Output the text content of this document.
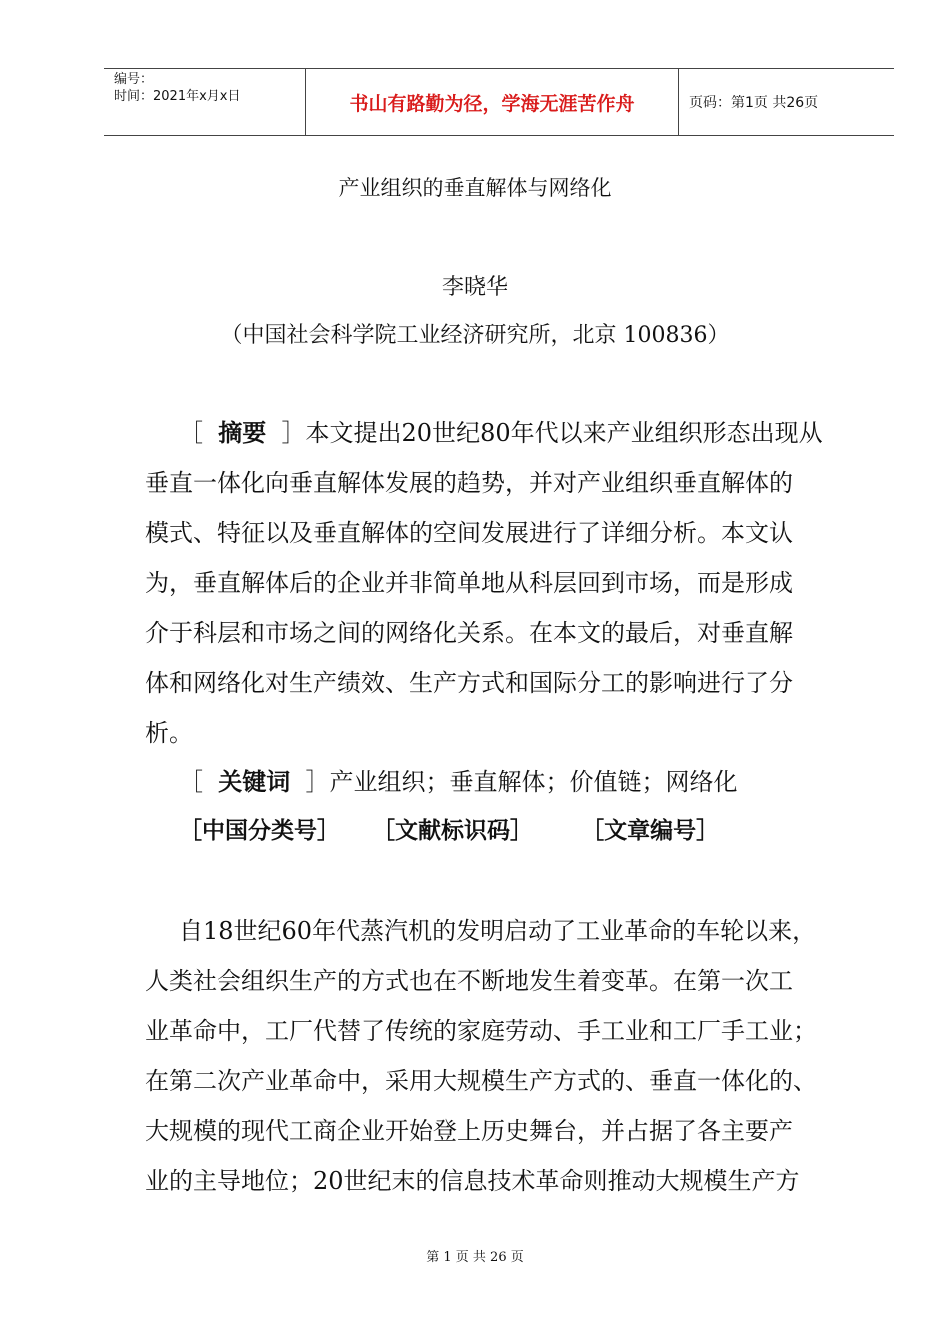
编号：
时间：2021年x月x日	书山有路勤为径，学海无涯苦作舟	页码：第1页 共26页
产业组织的垂直解体与网络化
李晓华
（中国社会科学院工业经济研究所，北京 100836）
［  摘要  ］本文提出20世纪80年代以来产业组织形态出现从
垂直一体化向垂直解体发展的趋势，并对产业组织垂直解体的
模式、特征以及垂直解体的空间发展进行了详细分析。本文认
为，垂直解体后的企业并非简单地从科层回到市场，而是形成
介于科层和市场之间的网络化关系。在本文的最后，对垂直解
体和网络化对生产绩效、生产方式和国际分工的影响进行了分
析。
［  关键词  ］产业组织；垂直解体；价值链；网络化
［中国分类号］    ［文献标识码］      ［文章编号］
自18世纪60年代蒸汽机的发明启动了工业革命的车轮以来，
人类社会组织生产的方式也在不断地发生着变革。在第一次工
业革命中，工厂代替了传统的家庭劳动、手工业和工厂手工业；
在第二次产业革命中，采用大规模生产方式的、垂直一体化的、
大规模的现代工商企业开始登上历史舞台，并占据了各主要产
业的主导地位；20世纪末的信息技术革命则推动大规模生产方
第 1 页 共 26 页
